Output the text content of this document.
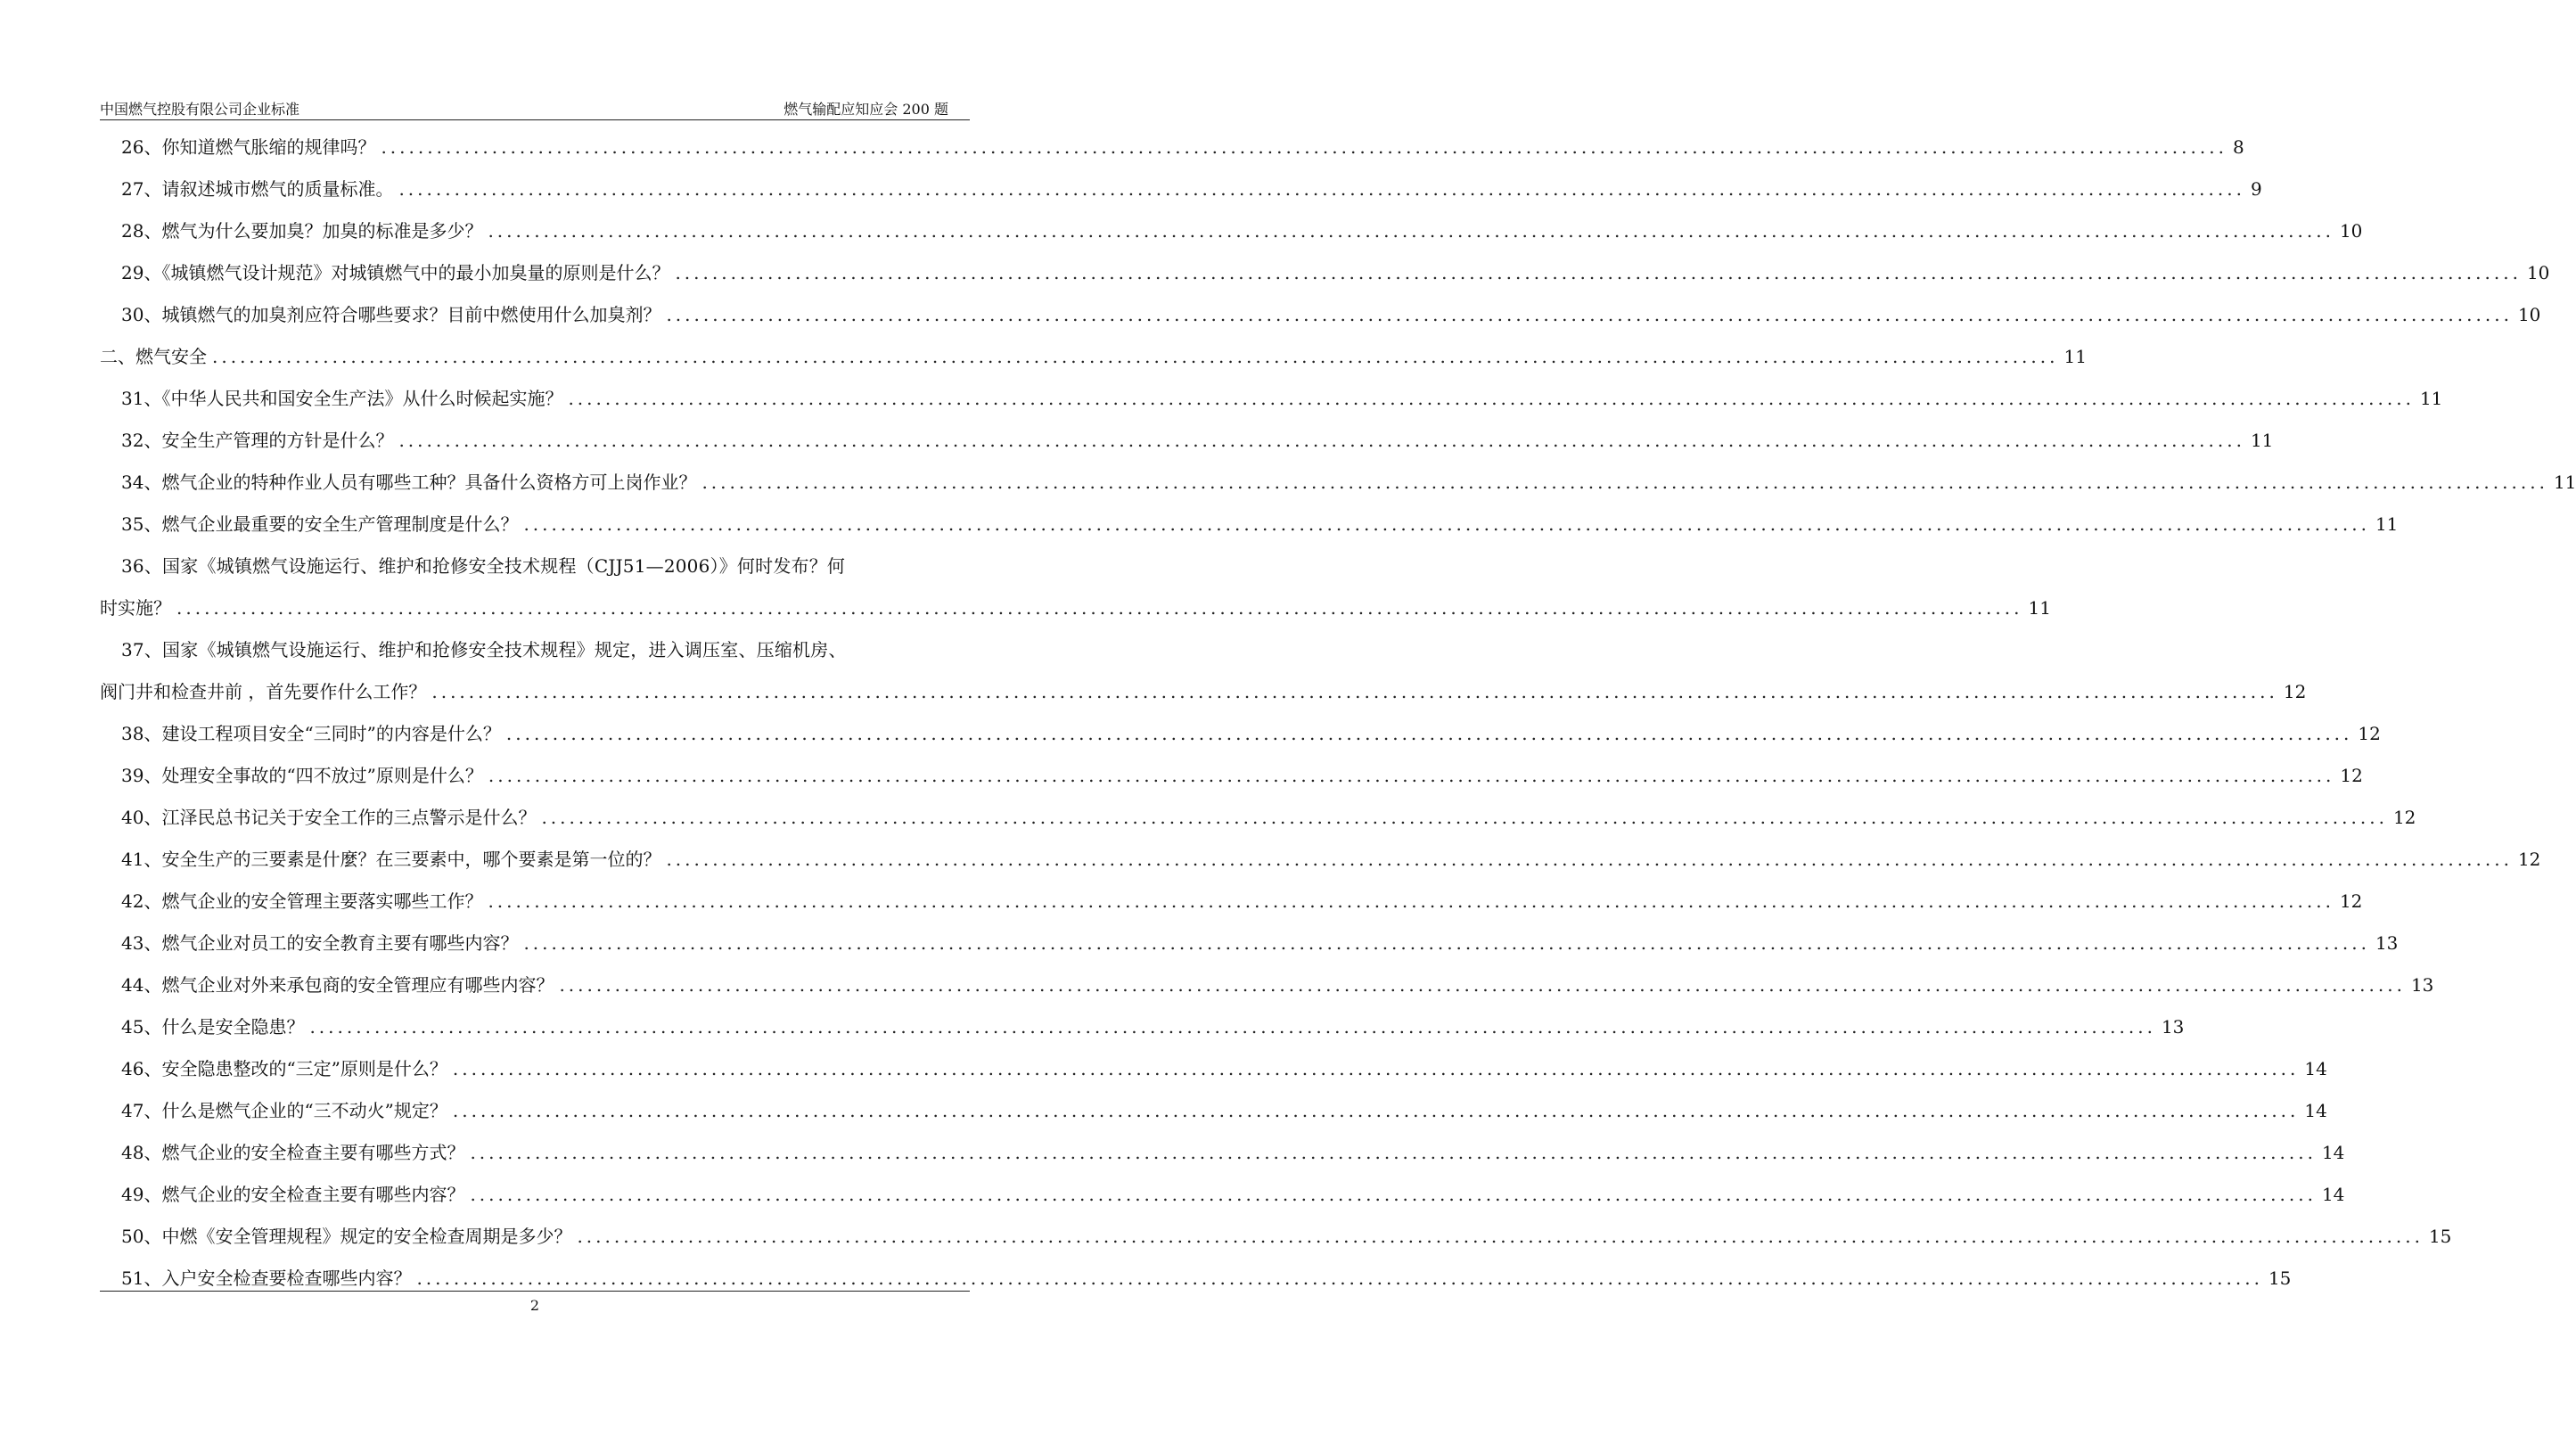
中国燃气控股有限公司企业标准	燃气输配应知应会 200 题
26、你知道燃气胀缩的规律吗？ ........................................................................................................................................................................................................ 8
27、请叙述城市燃气的质量标准。 ........................................................................................................................................................................................................ 9
28、燃气为什么要加臭？加臭的标准是多少？ ........................................................................................................................................................................................................ 10
29、《城镇燃气设计规范》对城镇燃气中的最小加臭量的原则是什么？ ........................................................................................................................................................................................................ 10
30、城镇燃气的加臭剂应符合哪些要求？目前中燃使用什么加臭剂？ ........................................................................................................................................................................................................ 10
二、燃气安全 ........................................................................................................................................................................................................ 11
31、《中华人民共和国安全生产法》从什么时候起实施？ ........................................................................................................................................................................................................ 11
32、安全生产管理的方针是什么？ ........................................................................................................................................................................................................ 11
34、燃气企业的特种作业人员有哪些工种？具备什么资格方可上岗作业？ ........................................................................................................................................................................................................ 11
35、燃气企业最重要的安全生产管理制度是什么？ ........................................................................................................................................................................................................ 11
36、国家《城镇燃气设施运行、维护和抢修安全技术规程（CJJ51—2006）》何时发布？何
时实施？ ........................................................................................................................................................................................................ 11
37、国家《城镇燃气设施运行、维护和抢修安全技术规程》规定，进入调压室、压缩机房、
阀门井和检查井前 ，首先要作什么工作？ ........................................................................................................................................................................................................ 12
38、建设工程项目安全“三同时”的内容是什么？ ........................................................................................................................................................................................................ 12
39、处理安全事故的“四不放过”原则是什么？ ........................................................................................................................................................................................................ 12
40、江泽民总书记关于安全工作的三点警示是什么？ ........................................................................................................................................................................................................ 12
41、安全生产的三要素是什麼？在三要素中，哪个要素是第一位的？ ........................................................................................................................................................................................................ 12
42、燃气企业的安全管理主要落实哪些工作？ ........................................................................................................................................................................................................ 12
43、燃气企业对员工的安全教育主要有哪些内容？ ........................................................................................................................................................................................................ 13
44、燃气企业对外来承包商的安全管理应有哪些内容？ ........................................................................................................................................................................................................ 13
45、什么是安全隐患？ ........................................................................................................................................................................................................ 13
46、安全隐患整改的“三定”原则是什么？ ........................................................................................................................................................................................................ 14
47、什么是燃气企业的“三不动火”规定？ ........................................................................................................................................................................................................ 14
48、燃气企业的安全检查主要有哪些方式？ ........................................................................................................................................................................................................ 14
49、燃气企业的安全检查主要有哪些内容？ ........................................................................................................................................................................................................ 14
50、中燃《安全管理规程》规定的安全检查周期是多少？ ........................................................................................................................................................................................................ 15
51、入户安全检查要检查哪些内容？ ........................................................................................................................................................................................................ 15
2
